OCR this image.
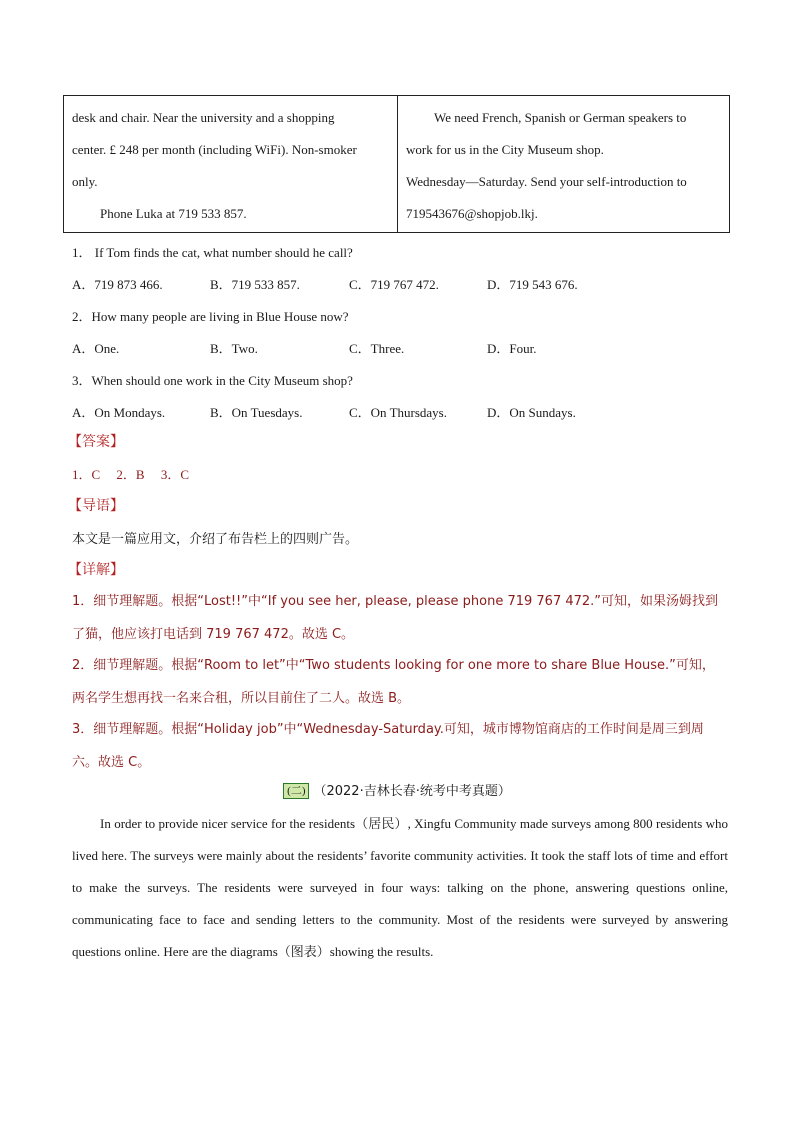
desk and chair. Near the university and a shopping

center. £ 248 per month (including WiFi). Non-smoker

only.

Phone Luka at 719 533 857.

We need French, Spanish or German speakers to

work for us in the City Museum shop.

Wednesday—Saturday. Send your self-introduction to

719543676@shopjob.lkj.

1． If Tom finds the cat, what number should he call?
A．719 873 466.	B．719 533 857.	C．719 767 472.	D．719 543 676.
2．How many people are living in Blue House now?
A．One.	B．Two.	C．Three.	D．Four.
3．When should one work in the City Museum shop?
A．On Mondays.	B．On Tuesdays.	C．On Thursdays.	D．On Sundays.
【答案】
1．C　 2．B　 3．C
【导语】
本文是一篇应用文，介绍了布告栏上的四则广告。
【详解】
1．细节理解题。根据“Lost!!”中“If you see her, please, please phone 719 767 472.”可知，如果汤姆找到了猫，他应该打电话到 719 767 472。故选 C。
2．细节理解题。根据“Room to let”中“Two students looking for one more to share Blue House.”可知，两名学生想再找一名来合租，所以目前住了二人。故选 B。
3．细节理解题。根据“Holiday job”中“Wednesday-Saturday.可知，城市博物馆商店的工作时间是周三到周六。故选 C。
(二) （2022·吉林长春·统考中考真题）

In order to provide nicer service for the residents（居民）, Xingfu Community made surveys among 800 residents who lived here. The surveys were mainly about the residents’ favorite community activities. It took the staff lots of time and effort to make the surveys. The residents were surveyed in four ways: talking on the phone, answering questions online, communicating face to face and sending letters to the community. Most of the residents were surveyed by answering questions online. Here are the diagrams（图表）showing the results.
